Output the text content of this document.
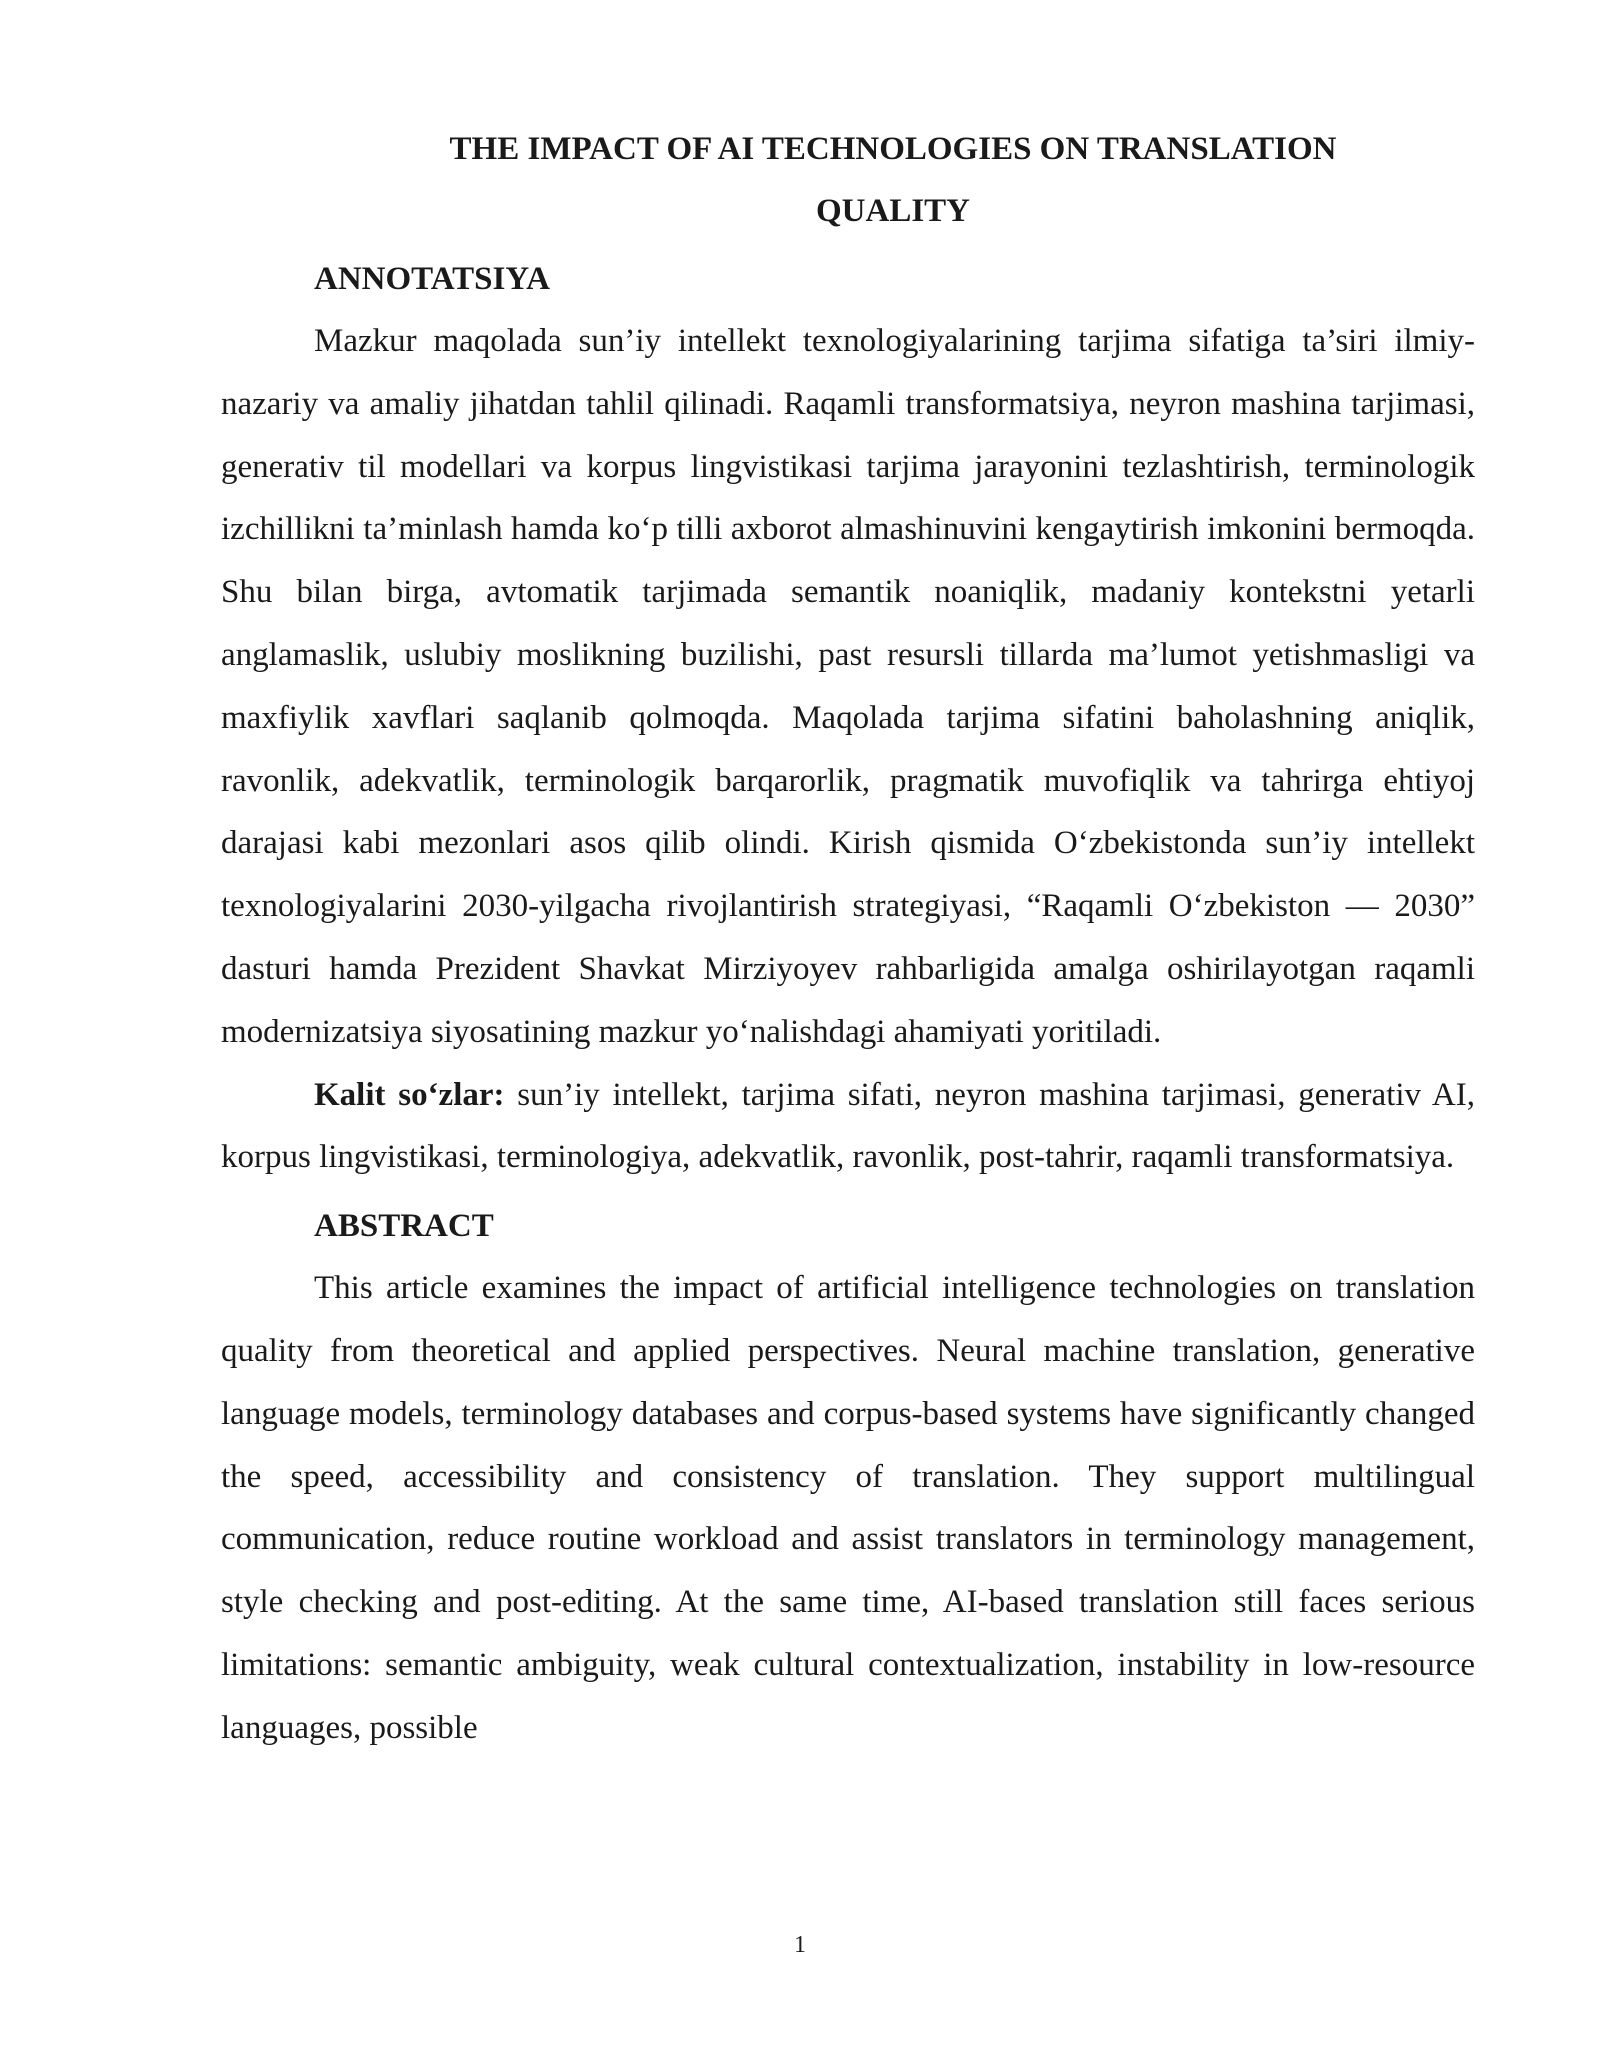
THE IMPACT OF AI TECHNOLOGIES ON TRANSLATION
QUALITY
ANNOTATSIYA

Mazkur maqolada sun’iy intellekt texnologiyalarining tarjima sifatiga ta’siri ilmiy-nazariy va amaliy jihatdan tahlil qilinadi. Raqamli transformatsiya, neyron mashina tarjimasi, generativ til modellari va korpus lingvistikasi tarjima jarayonini tezlashtirish, terminologik izchillikni ta’minlash hamda ko‘p tilli axborot almashinuvini kengaytirish imkonini bermoqda. Shu bilan birga, avtomatik tarjimada semantik noaniqlik, madaniy kontekstni yetarli anglamaslik, uslubiy moslikning buzilishi, past resursli tillarda ma’lumot yetishmasligi va maxfiylik xavflari saqlanib qolmoqda. Maqolada tarjima sifatini baholashning aniqlik, ravonlik, adekvatlik, terminologik barqarorlik, pragmatik muvofiqlik va tahrirga ehtiyoj darajasi kabi mezonlari asos qilib olindi. Kirish qismida O‘zbekistonda sun’iy intellekt texnologiyalarini 2030-yilgacha rivojlantirish strategiyasi, “Raqamli O‘zbekiston — 2030” dasturi hamda Prezident Shavkat Mirziyoyev rahbarligida amalga oshirilayotgan raqamli modernizatsiya siyosatining mazkur yo‘nalishdagi ahamiyati yoritiladi.

Kalit so‘zlar: sun’iy intellekt, tarjima sifati, neyron mashina tarjimasi, generativ AI, korpus lingvistikasi, terminologiya, adekvatlik, ravonlik, post-tahrir, raqamli transformatsiya.

ABSTRACT

This article examines the impact of artificial intelligence technologies on translation quality from theoretical and applied perspectives. Neural machine translation, generative language models, terminology databases and corpus-based systems have significantly changed the speed, accessibility and consistency of translation. They support multilingual communication, reduce routine workload and assist translators in terminology management, style checking and post-editing. At the same time, AI-based translation still faces serious limitations: semantic ambiguity, weak cultural contextualization, instability in low-resource languages, possible

1
